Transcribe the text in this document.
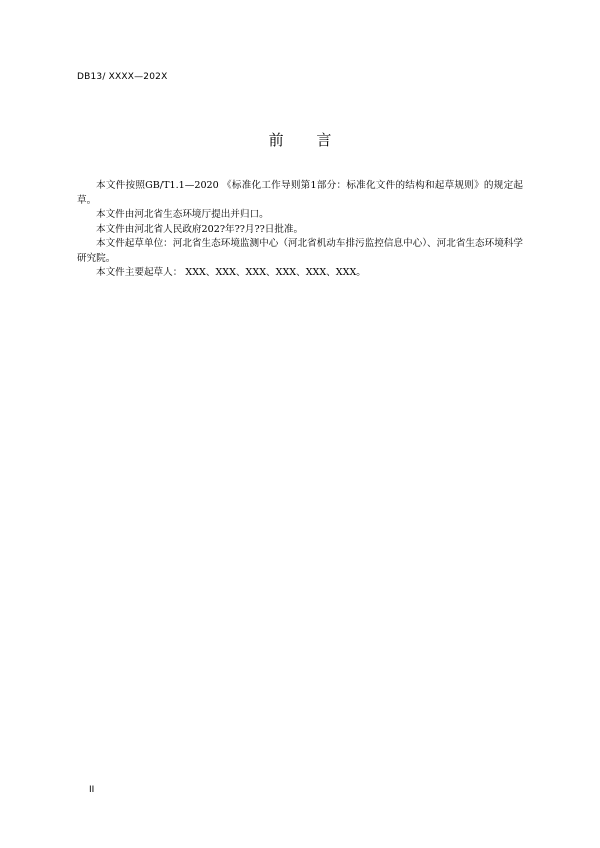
DB13/ XXXX—202X
前 言

本文件按照GB/T1.1—2020 《标准化工作导则第1部分：标准化文件的结构和起草规则》的规定起草。

本文件由河北省生态环境厅提出并归口。

本文件由河北省人民政府202?年??月??日批准。

本文件起草单位：河北省生态环境监测中心（河北省机动车排污监控信息中心）、河北省生态环境科学研究院。

本文件主要起草人： XXX、XXX、XXX、XXX、XXX、XXX。

II
